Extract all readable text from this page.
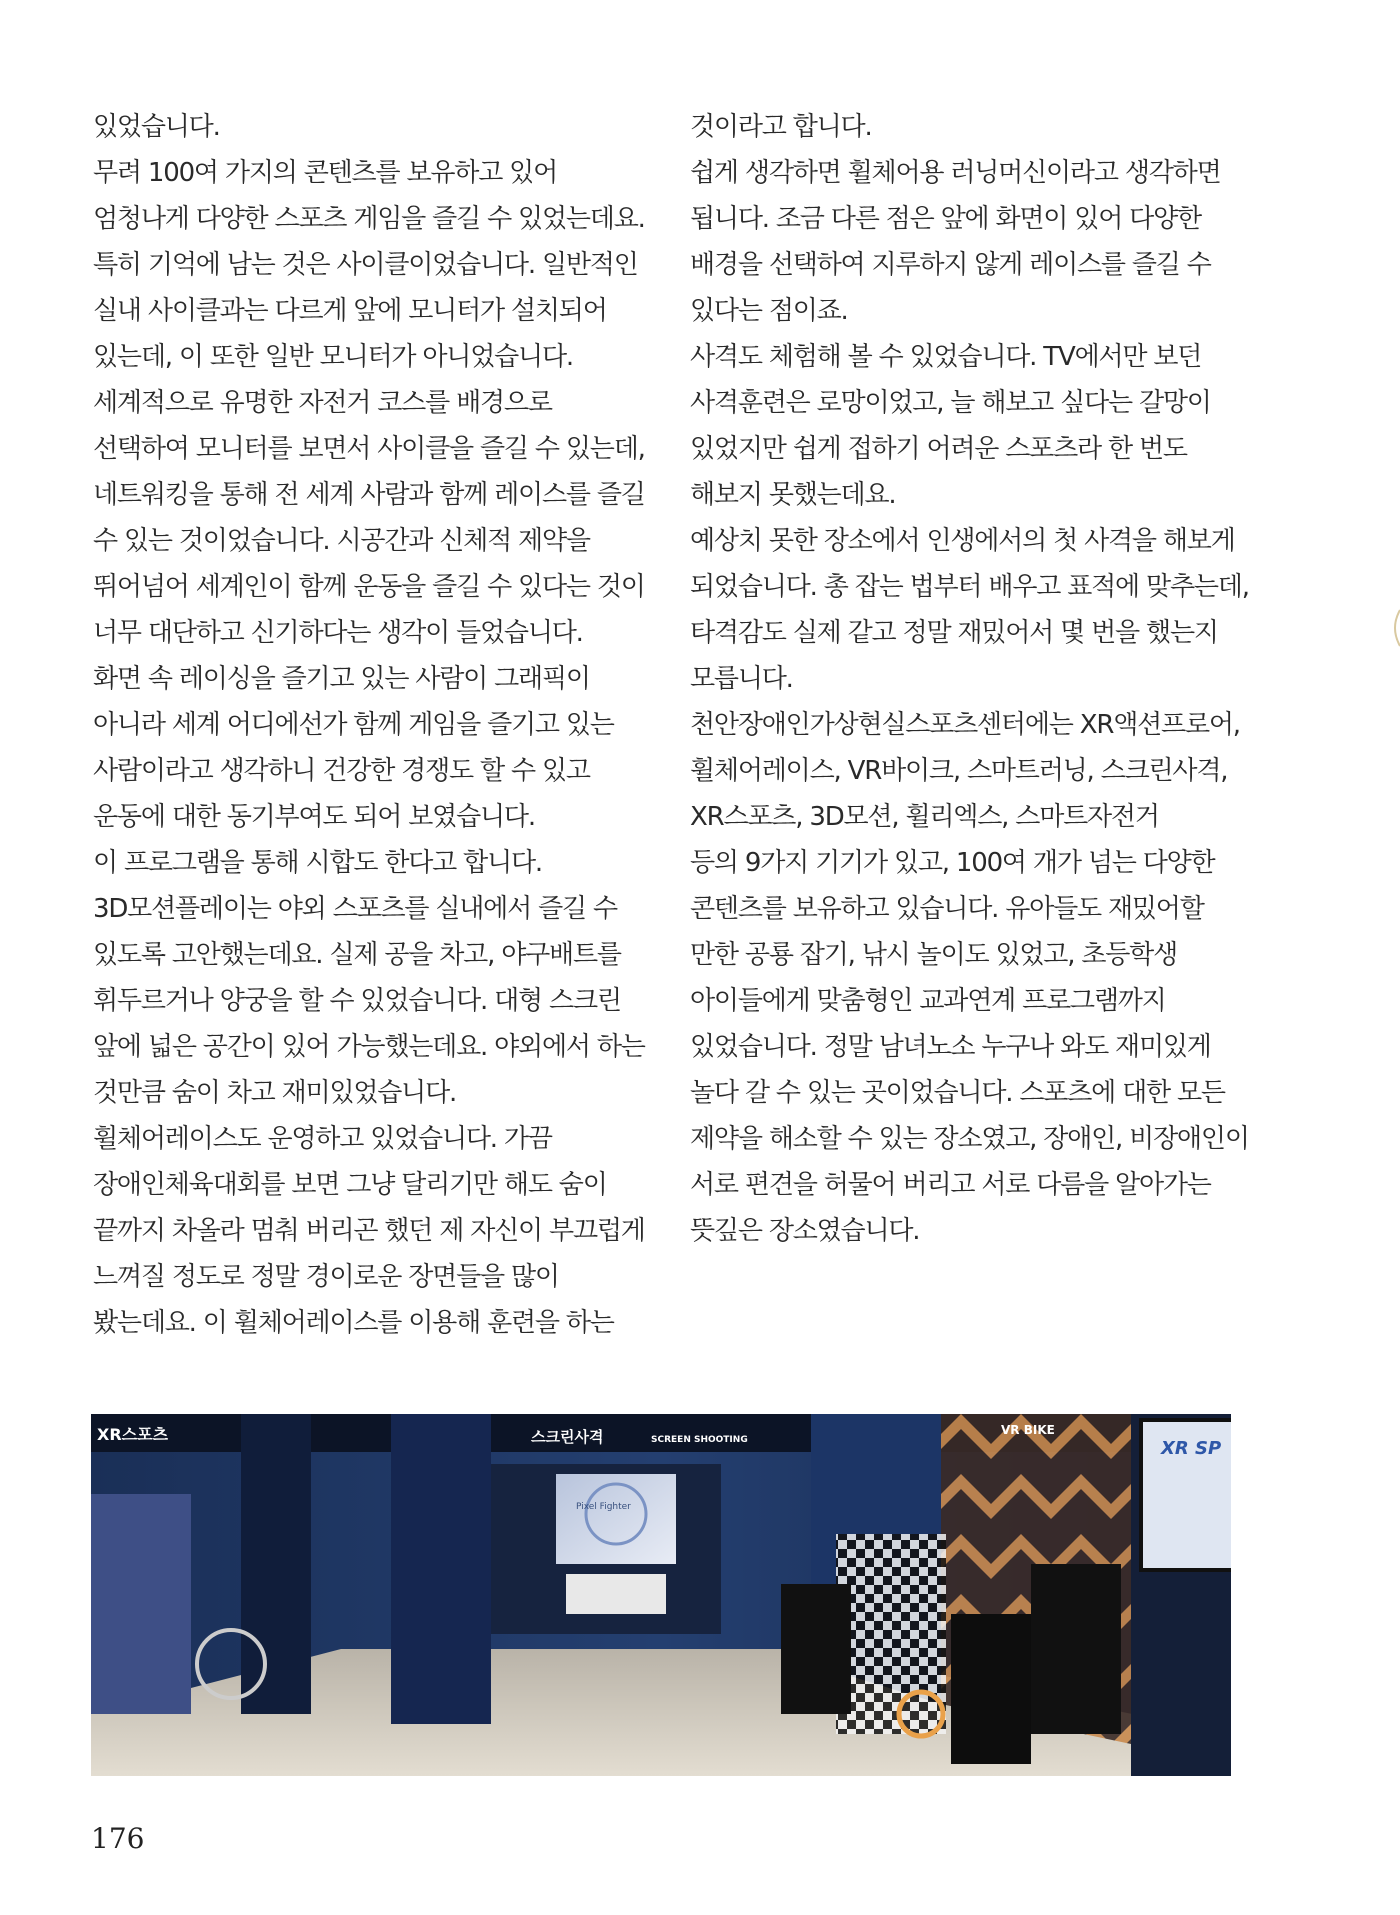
있었습니다.
무려 100여 가지의 콘텐츠를 보유하고 있어
엄청나게 다양한 스포츠 게임을 즐길 수 있었는데요.
특히 기억에 남는 것은 사이클이었습니다. 일반적인
실내 사이클과는 다르게 앞에 모니터가 설치되어
있는데, 이 또한 일반 모니터가 아니었습니다.
세계적으로 유명한 자전거 코스를 배경으로
선택하여 모니터를 보면서 사이클을 즐길 수 있는데,
네트워킹을 통해 전 세계 사람과 함께 레이스를 즐길
수 있는 것이었습니다. 시공간과 신체적 제약을
뛰어넘어 세계인이 함께 운동을 즐길 수 있다는 것이
너무 대단하고 신기하다는 생각이 들었습니다.
화면 속 레이싱을 즐기고 있는 사람이 그래픽이
아니라 세계 어디에선가 함께 게임을 즐기고 있는
사람이라고 생각하니 건강한 경쟁도 할 수 있고
운동에 대한 동기부여도 되어 보였습니다.
이 프로그램을 통해 시합도 한다고 합니다.
3D모션플레이는 야외 스포츠를 실내에서 즐길 수
있도록 고안했는데요. 실제 공을 차고, 야구배트를
휘두르거나 양궁을 할 수 있었습니다. 대형 스크린
앞에 넓은 공간이 있어 가능했는데요. 야외에서 하는
것만큼 숨이 차고 재미있었습니다.
휠체어레이스도 운영하고 있었습니다. 가끔
장애인체육대회를 보면 그냥 달리기만 해도 숨이
끝까지 차올라 멈춰 버리곤 했던 제 자신이 부끄럽게
느껴질 정도로 정말 경이로운 장면들을 많이
봤는데요. 이 휠체어레이스를 이용해 훈련을 하는
것이라고 합니다.
쉽게 생각하면 휠체어용 러닝머신이라고 생각하면
됩니다. 조금 다른 점은 앞에 화면이 있어 다양한
배경을 선택하여 지루하지 않게 레이스를 즐길 수
있다는 점이죠.
사격도 체험해 볼 수 있었습니다. TV에서만 보던
사격훈련은 로망이었고, 늘 해보고 싶다는 갈망이
있었지만 쉽게 접하기 어려운 스포츠라 한 번도
해보지 못했는데요.
예상치 못한 장소에서 인생에서의 첫 사격을 해보게
되었습니다. 총 잡는 법부터 배우고 표적에 맞추는데,
타격감도 실제 같고 정말 재밌어서 몇 번을 했는지
모릅니다.
천안장애인가상현실스포츠센터에는 XR액션프로어,
휠체어레이스, VR바이크, 스마트러닝, 스크린사격,
XR스포츠, 3D모션, 휠리엑스, 스마트자전거
등의 9가지 기기가 있고, 100여 개가 넘는 다양한
콘텐츠를 보유하고 있습니다. 유아들도 재밌어할
만한 공룡 잡기, 낚시 놀이도 있었고, 초등학생
아이들에게 맞춤형인 교과연계 프로그램까지
있었습니다. 정말 남녀노소 누구나 와도 재미있게
놀다 갈 수 있는 곳이었습니다. 스포츠에 대한 모든
제약을 해소할 수 있는 장소였고, 장애인, 비장애인이
서로 편견을 허물어 버리고 서로 다름을 알아가는
뜻깊은 장소였습니다.
XR스포츠	스크린사격	SCREEN SHOOTING
VR BIKE
XR SP
Pixel Fighter
176
